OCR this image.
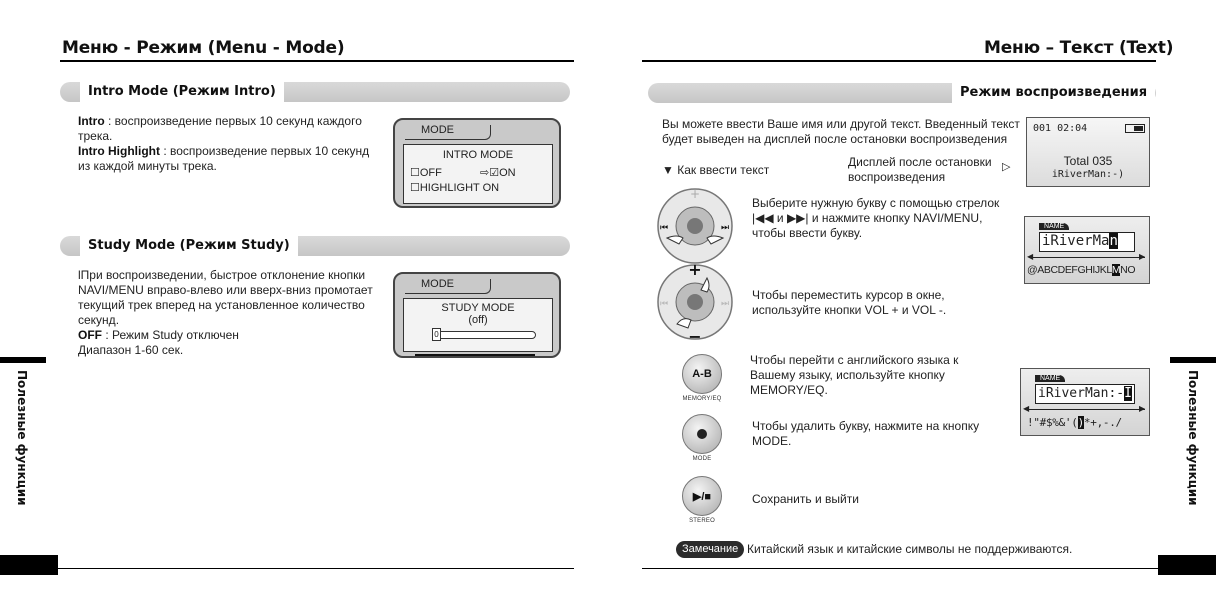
Меню - Режим (Menu - Mode)
Intro Mode (Режим Intro)
Intro : воспроизведение первых 10 секунд каждого трека.
Intro Highlight : воспроизведение первых 10 секунд из каждой минуты трека.
MODE
INTRO MODE
☐OFF	⇨☑ON
☐HIGHLIGHT ON
Study Mode (Режим Study)
lПри воспроизведении, быстрое отклонение кнопки NAVI/MENU вправо-влево или вверх-вниз промотает текущий трек вперед на установленное количество секунд.
OFF : Режим Study отключен
Диапазон 1-60 сек.
MODE
STUDY MODE
(off)
0
Полезные функции
Меню – Текст (Text)
Режим воспроизведения
Вы можете ввести Ваше имя или другой текст. Введенный текст будет выведен на дисплей после остановки воспроизведения
▼ Как ввести текст
Дисплей после остановки воспроизведения
▷
001 02:04
Total 035
iRiverMan:-)
+
⏮	⏭
Выберите нужную букву с помощью стрелок |◀◀ и ▶▶| и нажмите кнопку NAVI/MENU, чтобы ввести букву.	NAME
iRiverMan
◀	▶
@ABCDEFGHIJKLMNO
+
−
⏮	⏭
Чтобы переместить курсор в окне, используйте кнопки VOL + и VOL -.
A-B
MEMORY/EQ
Чтобы перейти с английского языка к Вашему языку, используйте кнопку MEMORY/EQ.
NAME
iRiverMan:-I
◀	▶
!"#$%&'()*+,-./
MODE
Чтобы удалить букву, нажмите на кнопку MODE.
▶/■
STEREO
Сохранить и выйти
Замечание Китайский язык и китайские символы не поддерживаются.
Полезные функции
